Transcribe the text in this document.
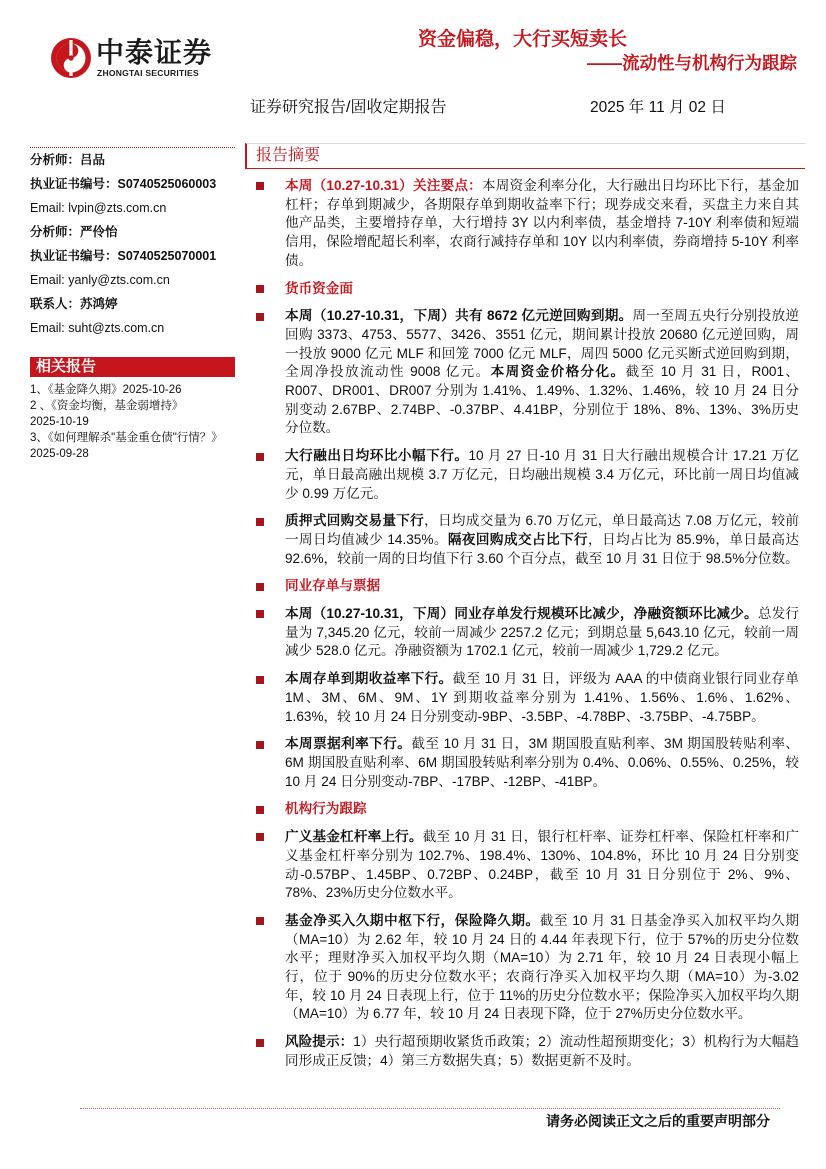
中泰证券
ZHONGTAI SECURITIES
资金偏稳，大行买短卖长
——流动性与机构行为跟踪
证券研究报告/固收定期报告	2025 年 11 月 02 日
分析师：吕品
执业证书编号：S0740525060003
Email: lvpin@zts.com.cn
分析师：严伶怡
执业证书编号：S0740525070001
Email: yanly@zts.com.cn
联系人：苏鸿婷
Email: suht@zts.com.cn
相关报告
1、《基金降久期》2025-10-26
2 、《资金均衡，基金弱增持》2025-10-19
3、《如何理解杀"基金重仓债"行情？》2025-09-28
报告摘要
本周（10.27-10.31）关注要点：本周资金利率分化，大行融出日均环比下行，基金加杠杆；存单到期减少，各期限存单到期收益率下行；现券成交来看，买盘主力来自其他产品类，主要增持存单，大行增持 3Y 以内利率债，基金增持 7-10Y 利率债和短端信用，保险增配超长利率，农商行减持存单和 10Y 以内利率债，券商增持 5-10Y 利率债。
货币资金面
本周（10.27-10.31，下周）共有 8672 亿元逆回购到期。周一至周五央行分别投放逆回购 3373、4753、5577、3426、3551 亿元，期间累计投放 20680 亿元逆回购，周一投放 9000 亿元 MLF 和回笼 7000 亿元 MLF，周四 5000 亿元买断式逆回购到期，全周净投放流动性 9008 亿元。本周资金价格分化。截至 10 月 31 日，R001、R007、DR001、DR007 分别为 1.41%、1.49%、1.32%、1.46%，较 10 月 24 日分别变动 2.67BP、2.74BP、-0.37BP、4.41BP，分别位于 18%、8%、13%、3%历史分位数。
大行融出日均环比小幅下行。10 月 27 日-10 月 31 日大行融出规模合计 17.21 万亿元，单日最高融出规模 3.7 万亿元，日均融出规模 3.4 万亿元，环比前一周日均值减少 0.99 万亿元。
质押式回购交易量下行，日均成交量为 6.70 万亿元，单日最高达 7.08 万亿元，较前一周日均值减少 14.35%。隔夜回购成交占比下行，日均占比为 85.9%，单日最高达 92.6%，较前一周的日均值下行 3.60 个百分点，截至 10 月 31 日位于 98.5%分位数。
同业存单与票据
本周（10.27-10.31，下周）同业存单发行规模环比减少，净融资额环比减少。总发行量为 7,345.20 亿元，较前一周减少 2257.2 亿元；到期总量 5,643.10 亿元，较前一周减少 528.0 亿元。净融资额为 1702.1 亿元，较前一周减少 1,729.2 亿元。
本周存单到期收益率下行。截至 10 月 31 日，评级为 AAA 的中债商业银行同业存单 1M、3M、6M、9M、1Y 到期收益率分别为 1.41%、1.56%、1.6%、1.62%、1.63%，较 10 月 24 日分别变动-9BP、-3.5BP、-4.78BP、-3.75BP、-4.75BP。
本周票据利率下行。截至 10 月 31 日，3M 期国股直贴利率、3M 期国股转贴利率、6M 期国股直贴利率、6M 期国股转贴利率分别为 0.4%、0.06%、0.55%、0.25%，较 10 月 24 日分别变动-7BP、-17BP、-12BP、-41BP。
机构行为跟踪
广义基金杠杆率上行。截至 10 月 31 日，银行杠杆率、证券杠杆率、保险杠杆率和广义基金杠杆率分别为 102.7%、198.4%、130%、104.8%，环比 10 月 24 日分别变动-0.57BP、1.45BP、0.72BP、0.24BP，截至 10 月 31 日分别位于 2%、9%、78%、23%历史分位数水平。
基金净买入久期中枢下行，保险降久期。截至 10 月 31 日基金净买入加权平均久期（MA=10）为 2.62 年，较 10 月 24 日的 4.44 年表现下行，位于 57%的历史分位数水平；理财净买入加权平均久期（MA=10）为 2.71 年，较 10 月 24 日表现小幅上行，位于 90%的历史分位数水平；农商行净买入加权平均久期（MA=10）为-3.02 年，较 10 月 24 日表现上行，位于 11%的历史分位数水平；保险净买入加权平均久期（MA=10）为 6.77 年，较 10 月 24 日表现下降，位于 27%历史分位数水平。
风险提示：1）央行超预期收紧货币政策；2）流动性超预期变化；3）机构行为大幅趋同形成正反馈；4）第三方数据失真；5）数据更新不及时。
请务必阅读正文之后的重要声明部分
